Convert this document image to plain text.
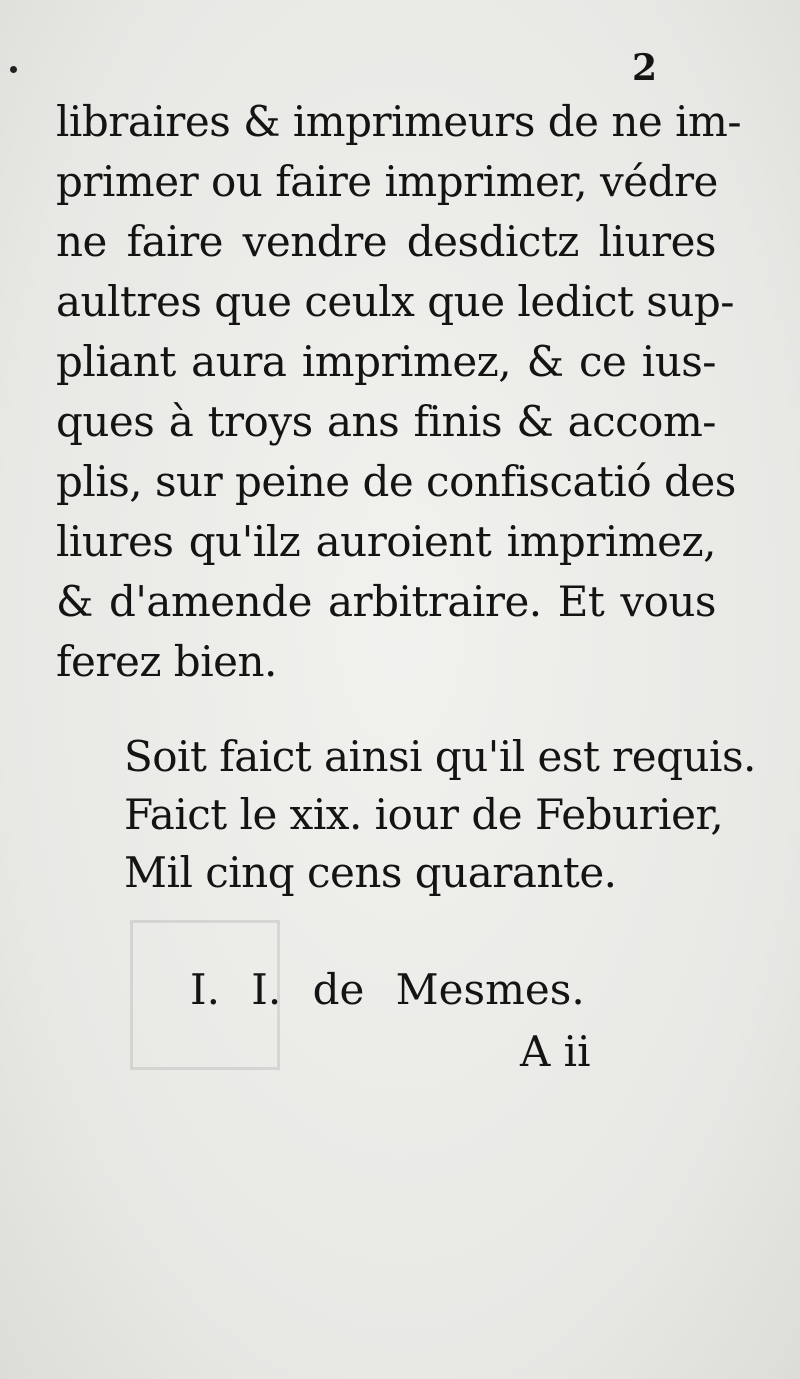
2
libraires & imprimeurs de ne im-
primer ou faire imprimer, védre
ne faire vendre desdictz liures
aultres que ceulx que ledict sup-
pliant aura imprimez, & ce ius-
ques à troys ans finis & accom-
plis, sur peine de confiscatió des
liures qu'ilz auroient imprimez,
& d'amende arbitraire. Et vous
ferez bien.
Soit faict ainsi qu'il est requis.
Faict le xix. iour de Feburier,
Mil cinq cens quarante.
I. I. de Mesmes.
A ii
